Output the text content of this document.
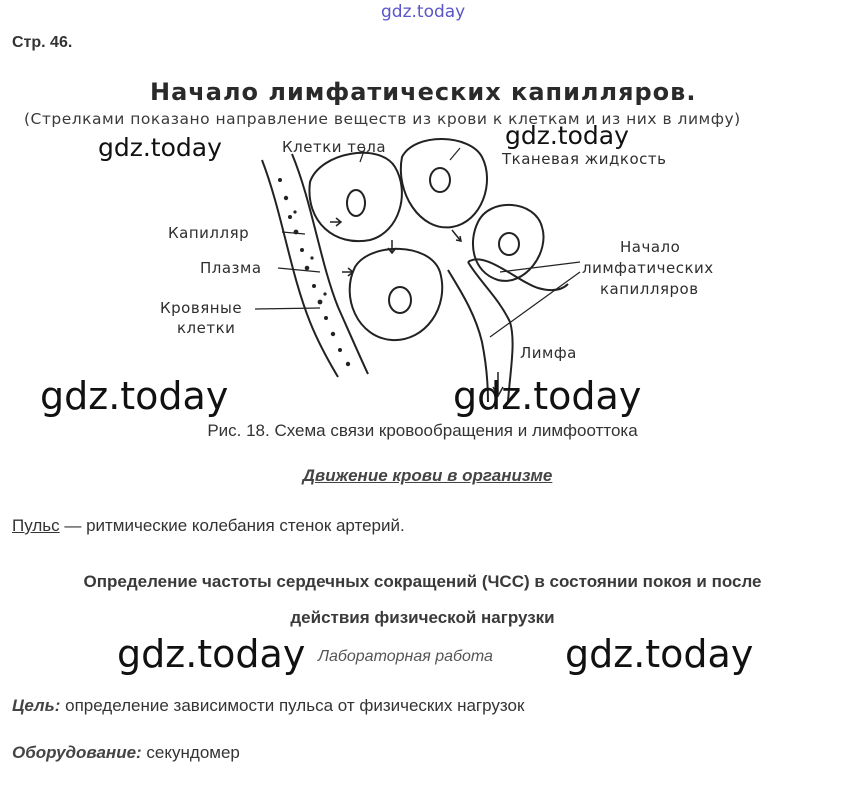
gdz.today
Стр. 46.
Начало лимфатических капилляров.
(Стрелками показано направление веществ из крови к клеткам и из них в лимфу)
Клетки тела
Тканевая жидкость
Капилляр
Плазма
Кровяные
клетки
Начало
лимфатических
капилляров
Лимфа
gdz.today	gdz.today
gdz.today	gdz.today
Рис. 18. Схема связи кровообращения и лимфооттока
Движение крови в организме
Пульс — ритмические колебания стенок артерий.
Определение частоты сердечных сокращений (ЧСС) в состоянии покоя и после
действия физической нагрузки
gdz.today Лабораторная работа gdz.today
Цель: определение зависимости пульса от физических нагрузок
Оборудование: секундомер
